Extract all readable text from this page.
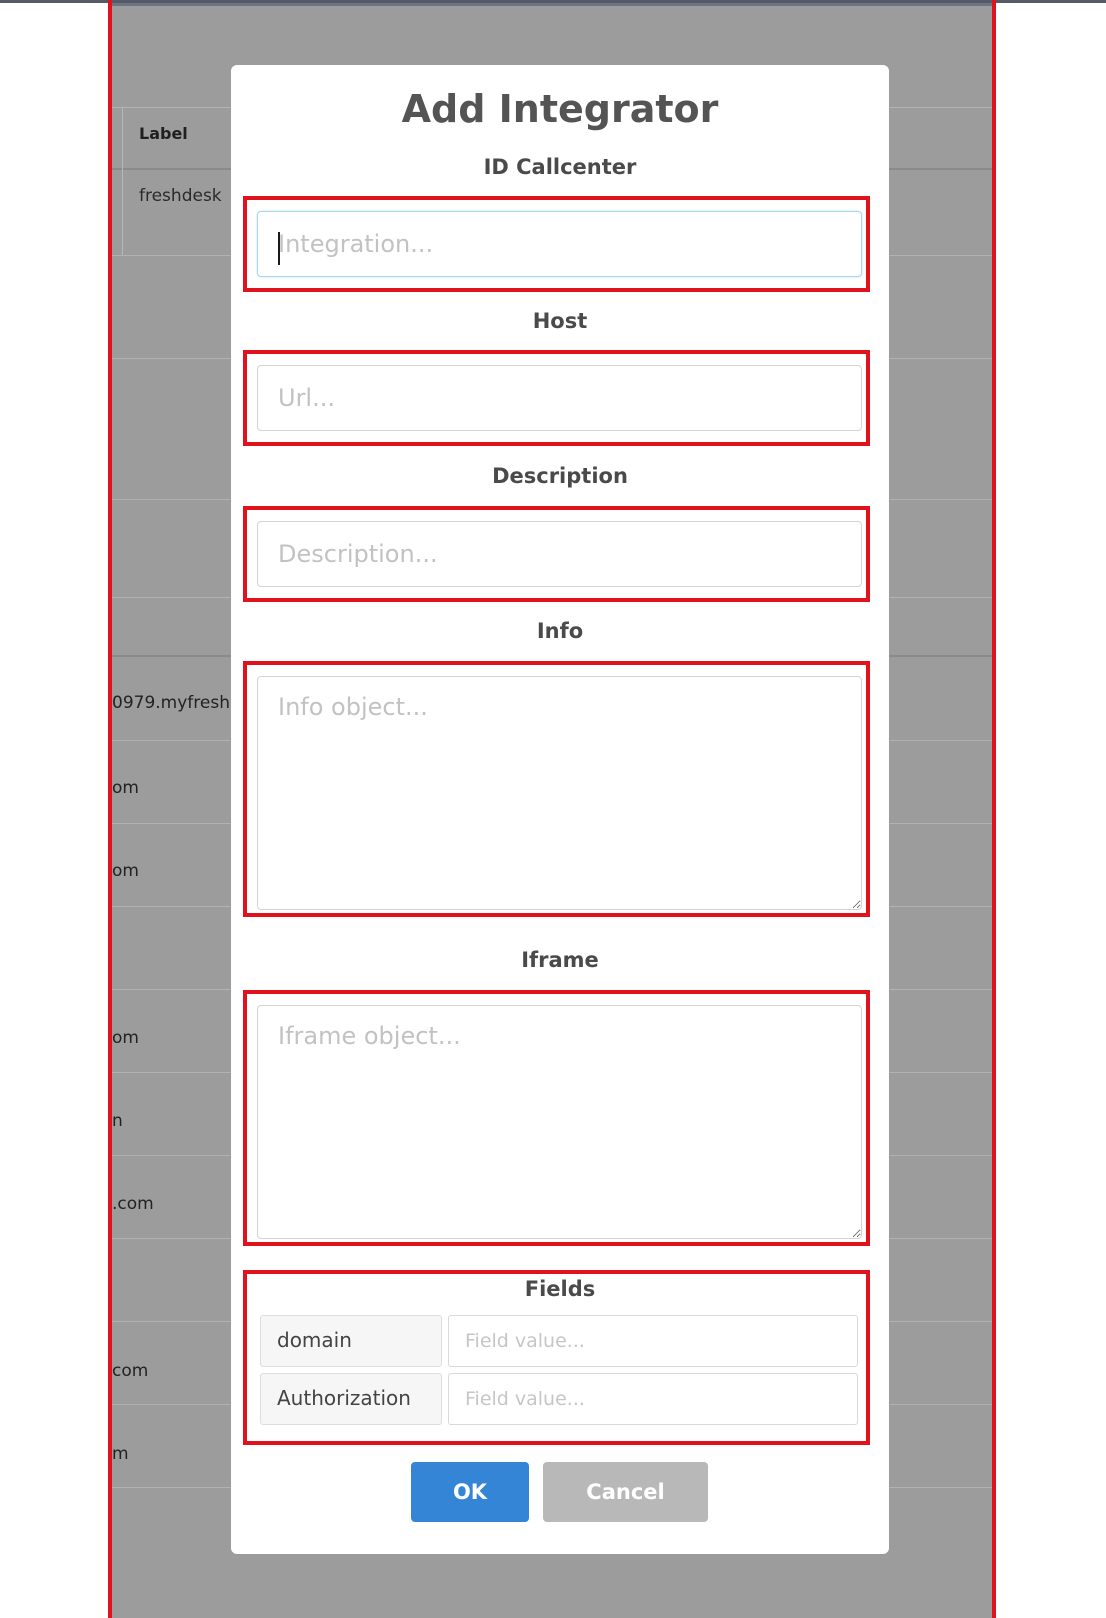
Label
freshdesk
0979.myfresh
om
om
om
n
.com
com
m
Add Integrator
ID Callcenter
Integration...
Host
Url...
Description
Description...
Info
Info object...
Iframe
Iframe object...
Fields
domain
Field value...
Authorization
Field value...
OK	Cancel
